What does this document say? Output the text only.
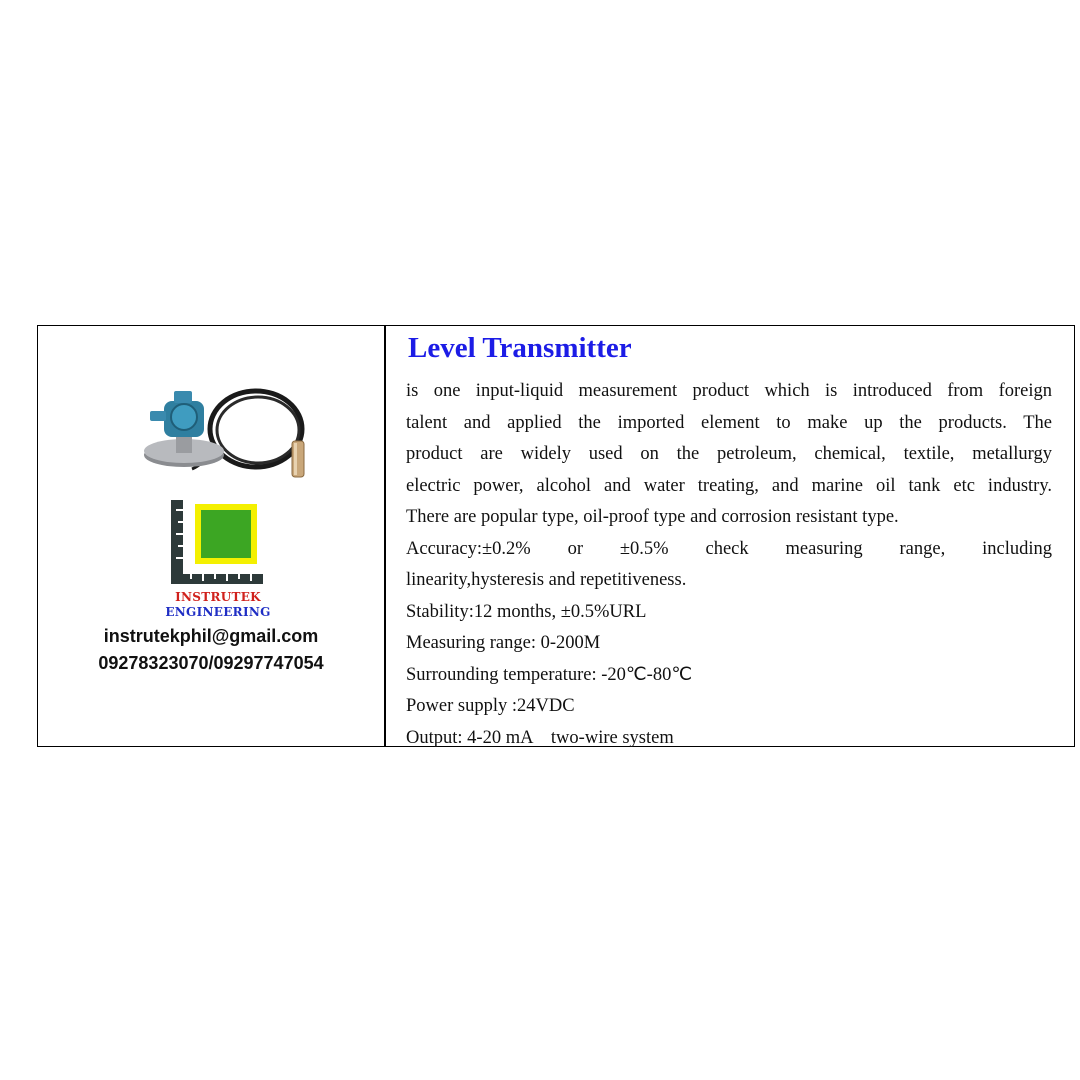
INSTRUTEK
ENGINEERING
instrutekphil@gmail.com
09278323070/09297747054
Level Transmitter
is one input-liquid measurement product which is introduced from foreign
talent and applied the imported element to make up the products. The
product are widely used on the petroleum, chemical, textile, metallurgy
electric power, alcohol and water treating, and marine oil tank etc industry.
There are popular type, oil-proof type and corrosion resistant type.
Accuracy:±0.2% or ±0.5% check measuring range, including
linearity,hysteresis and repetitiveness.
Stability:12 months, ±0.5%URL
Measuring range: 0-200M
Surrounding temperature: -20℃-80℃
Power supply :24VDC
Output: 4-20 mA    two-wire system
